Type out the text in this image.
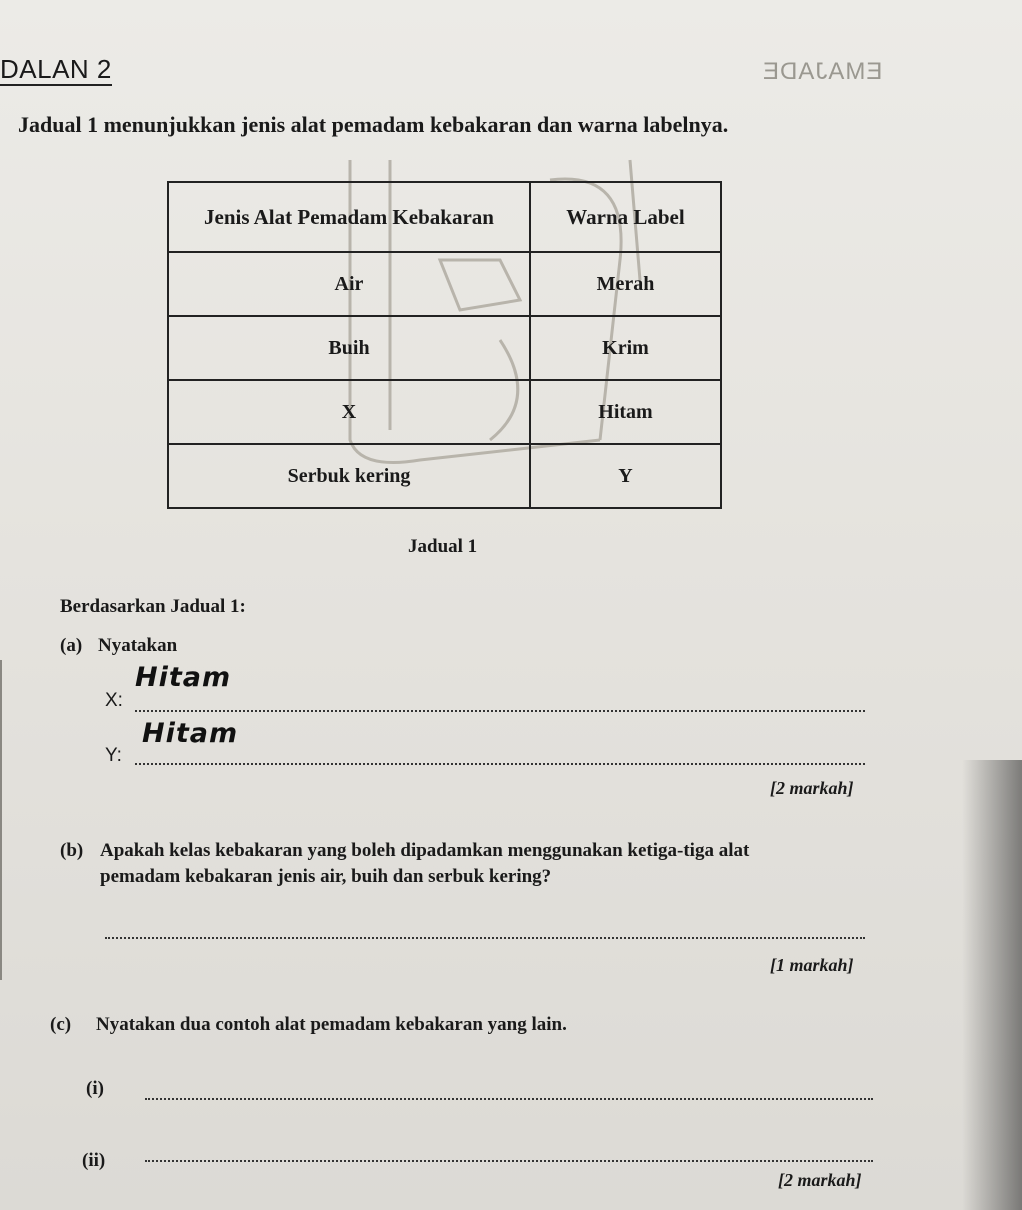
DALAN 2	EMAJADE
Jadual 1 menunjukkan jenis alat pemadam kebakaran dan warna labelnya.
Jenis Alat Pemadam Kebakaran	Warna Label
Air	Merah
Buih	Krim
X	Hitam
Serbuk kering	Y
Jadual 1
Berdasarkan Jadual 1:
(a) Nyatakan
X:
Hitam
Y:
Hitam
[2 markah]
(b) Apakah kelas kebakaran yang boleh dipadamkan menggunakan ketiga-tiga alat
pemadam kebakaran jenis air, buih dan serbuk kering?
[1 markah]
(c) Nyatakan dua contoh alat pemadam kebakaran yang lain.
(i)
(ii)
[2 markah]
